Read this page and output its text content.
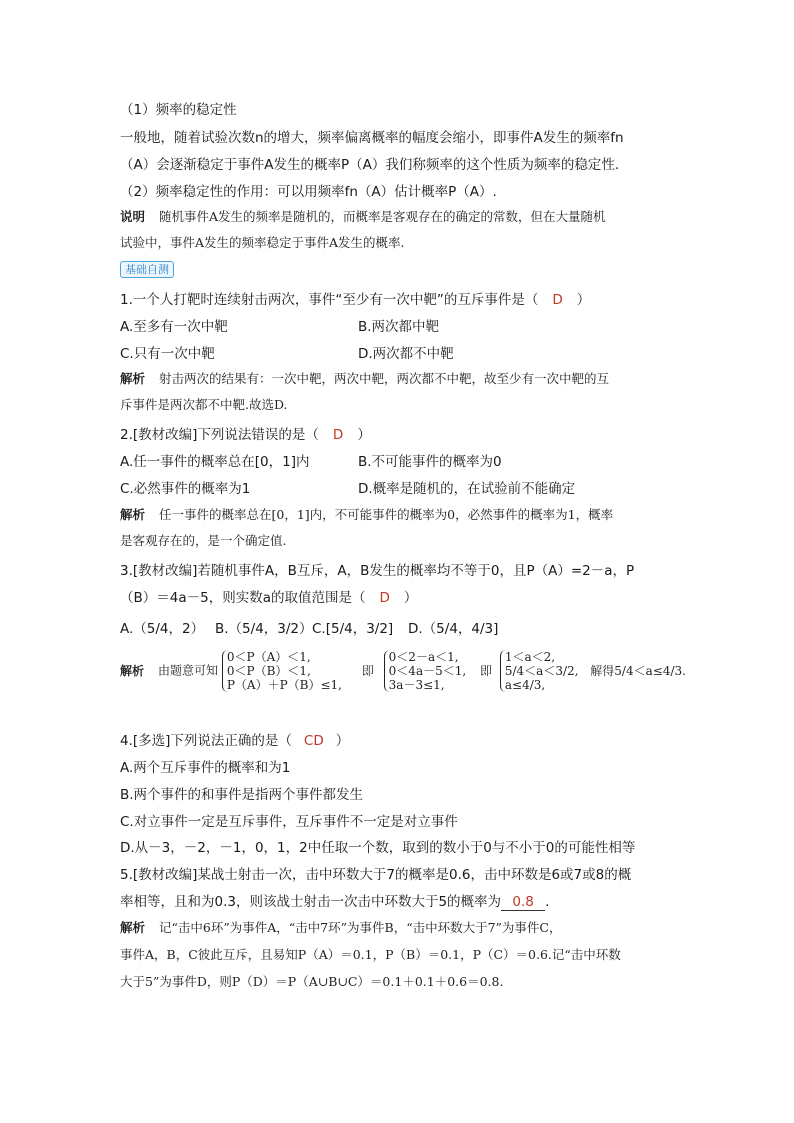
（1）频率的稳定性
一般地，随着试验次数n的增大，频率偏离概率的幅度会缩小，即事件A发生的频率fn
（A）会逐渐稳定于事件A发生的概率P（A）我们称频率的这个性质为频率的稳定性.
（2）频率稳定性的作用：可以用频率fn（A）估计概率P（A）.
说明 随机事件A发生的频率是随机的，而概率是客观存在的确定的常数，但在大量随机
试验中，事件A发生的频率稳定于事件A发生的概率.
基础自测
1.一个人打靶时连续射击两次，事件“至少有一次中靶”的互斥事件是（ D ）
A.至多有一次中靶	B.两次都中靶
C.只有一次中靶	D.两次都不中靶
解析 射击两次的结果有：一次中靶，两次中靶，两次都不中靶，故至少有一次中靶的互
斥事件是两次都不中靶.故选D.
2.[教材改编]下列说法错误的是（ D ）
A.任一事件的概率总在[0，1]内	B.不可能事件的概率为0
C.必然事件的概率为1	D.概率是随机的，在试验前不能确定
解析 任一事件的概率总在[0，1]内，不可能事件的概率为0，必然事件的概率为1，概率
是客观存在的，是一个确定值.
3.[教材改编]若随机事件A，B互斥，A，B发生的概率均不等于0，且P（A）=2－a，P
（B）＝4a－5，则实数a的取值范围是（ D ）
A.（5/4，2） B.（5/4，3/2） C.[5/4，3/2] D.（5/4，4/3]
解析 由题意可知
0＜P（A）＜1,
0＜P（B）＜1,
P（A）＋P（B）≤1,
即
0＜2－a＜1,
0＜4a－5＜1,
3a－3≤1,
即
1＜a＜2,
5/4＜a＜3/2,
a≤4/3,
解得5/4＜a≤4/3.
4.[多选]下列说法正确的是（ CD ）
A.两个互斥事件的概率和为1
B.两个事件的和事件是指两个事件都发生
C.对立事件一定是互斥事件，互斥事件不一定是对立事件
D.从－3，－2，－1，0，1，2中任取一个数，取到的数小于0与不小于0的可能性相等
5.[教材改编]某战士射击一次，击中环数大于7的概率是0.6，击中环数是6或7或8的概
率相等，且和为0.3，则该战士射击一次击中环数大于5的概率为 0.8 .
解析 记“击中6环”为事件A，“击中7环”为事件B，“击中环数大于7”为事件C，
事件A，B，C彼此互斥，且易知P（A）＝0.1，P（B）＝0.1，P（C）＝0.6.记“击中环数
大于5”为事件D，则P（D）＝P（A∪B∪C）＝0.1＋0.1＋0.6＝0.8.
